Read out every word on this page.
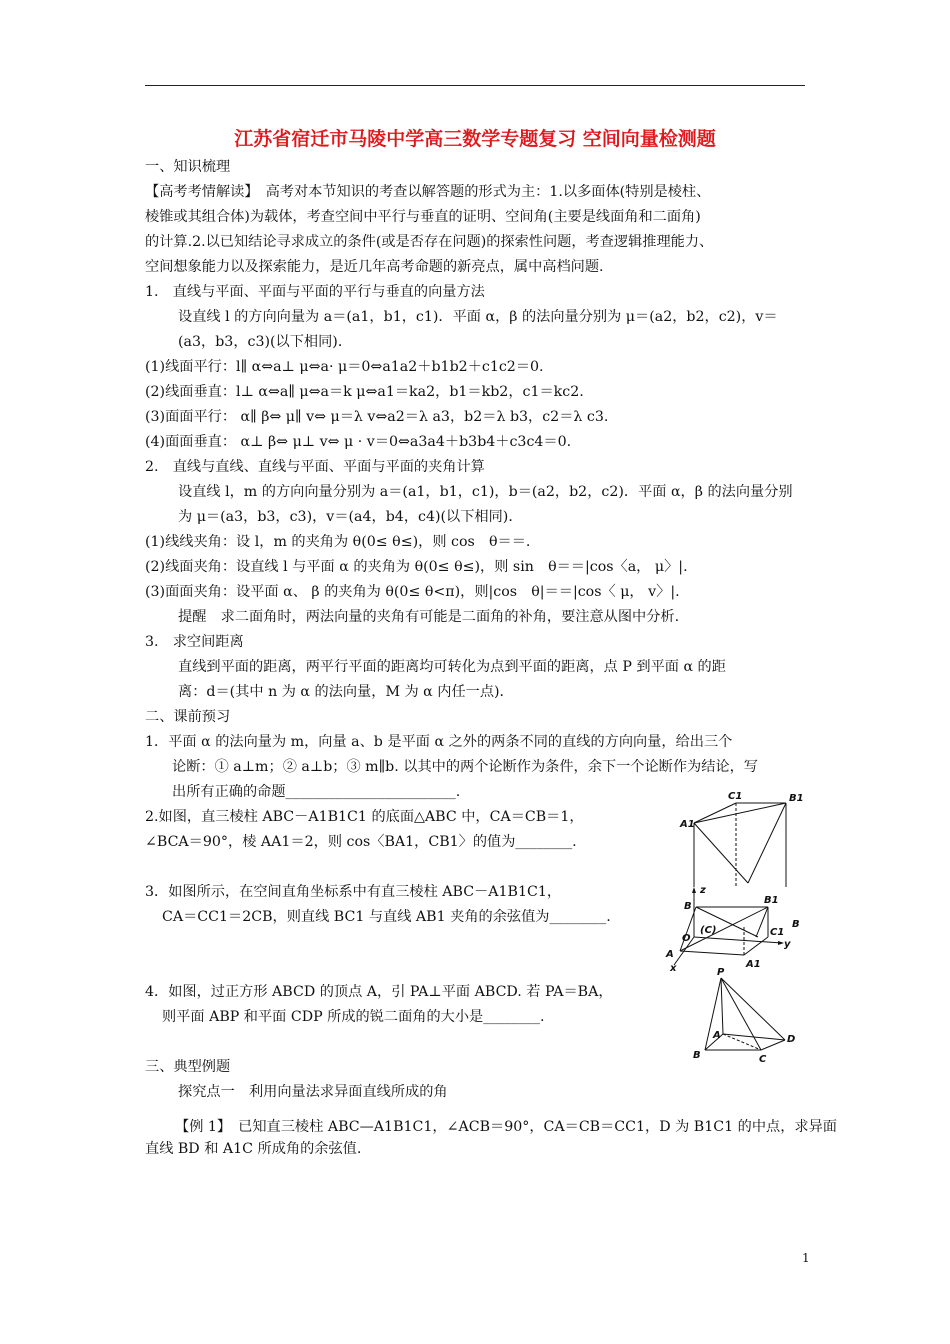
江苏省宿迁市马陵中学高三数学专题复习 空间向量检测题

一、知识梳理

【高考考情解读】　高考对本节知识的考查以解答题的形式为主：1.以多面体(特别是棱柱、

棱锥或其组合体)为载体，考查空间中平行与垂直的证明、空间角(主要是线面角和二面角)

的计算.2.以已知结论寻求成立的条件(或是否存在问题)的探索性问题，考查逻辑推理能力、

空间想象能力以及探索能力，是近几年高考命题的新亮点，属中高档问题.

1.　直线与平面、平面与平面的平行与垂直的向量方法

设直线 l 的方向向量为 a＝(a1，b1，c1)．平面 α，β 的法向量分别为 μ＝(a2，b2，c2)，v＝

(a3，b3，c3)(以下相同)．

(1)线面平行：l∥ α⇔a⊥ μ⇔a· μ＝0⇔a1a2＋b1b2＋c1c2＝0.

(2)线面垂直：l⊥ α⇔a∥ μ⇔a＝k μ⇔a1＝ka2，b1＝kb2，c1＝kc2.

(3)面面平行： α∥ β⇔ μ∥ v⇔ μ＝λ v⇔a2＝λ a3，b2＝λ b3，c2＝λ c3.

(4)面面垂直： α⊥ β⇔ μ⊥ v⇔ μ · v＝0⇔a3a4＋b3b4＋c3c4＝0.

2.　直线与直线、直线与平面、平面与平面的夹角计算

设直线 l，m 的方向向量分别为 a＝(a1，b1，c1)，b＝(a2，b2，c2)．平面 α，β 的法向量分别

为 μ＝(a3，b3，c3)，v＝(a4，b4，c4)(以下相同)．

(1)线线夹角：设 l，m 的夹角为 θ(0≤ θ≤)，则 cos　θ＝＝.

(2)线面夹角：设直线 l 与平面 α 的夹角为 θ(0≤ θ≤)，则 sin　θ＝＝|cos〈a， μ〉|.

(3)面面夹角：设平面 α、 β 的夹角为 θ(0≤ θ<π)，则|cos　θ|＝＝|cos〈 μ， v〉|.

提醒　求二面角时，两法向量的夹角有可能是二面角的补角，要注意从图中分析.

3.　求空间距离

直线到平面的距离，两平行平面的距离均可转化为点到平面的距离，点 P 到平面 α 的距

离：d＝(其中 n 为 α 的法向量，M 为 α 内任一点)．

二、课前预习

1．平面 α 的法向量为 m，向量 a、b 是平面 α 之外的两条不同的直线的方向向量，给出三个

论断：① a⊥m；② a⊥b；③ m∥b. 以其中的两个论断作为条件，余下一个论断作为结论，写

出所有正确的命题________________________.

2.如图，直三棱柱 ABC－A1B1C1 的底面△ABC 中，CA＝CB＝1，

∠BCA＝90°，棱 AA1＝2，则 cos〈BA1，CB1〉的值为________.

3．如图所示，在空间直角坐标系中有直三棱柱 ABC－A1B1C1，

CA＝CC1＝2CB，则直线 BC1 与直线 AB1 夹角的余弦值为________.

4．如图，过正方形 ABCD 的顶点 A，引 PA⊥平面 ABCD. 若 PA＝BA，

则平面 ABP 和平面 CDP 所成的锐二面角的大小是________.

三、典型例题

探究点一　利用向量法求异面直线所成的角

【例 1】　已知直三棱柱 ABC—A1B1C1，∠ACB＝90°，CA＝CB＝CC1，D 为 B1C1 的中点，求异面

直线 BD 和 A1C 所成角的余弦值.

C1	B1
A1
z
B
B1
O
(C)	C1
y
A
A1
x
B
P
A	D
B	C
1
